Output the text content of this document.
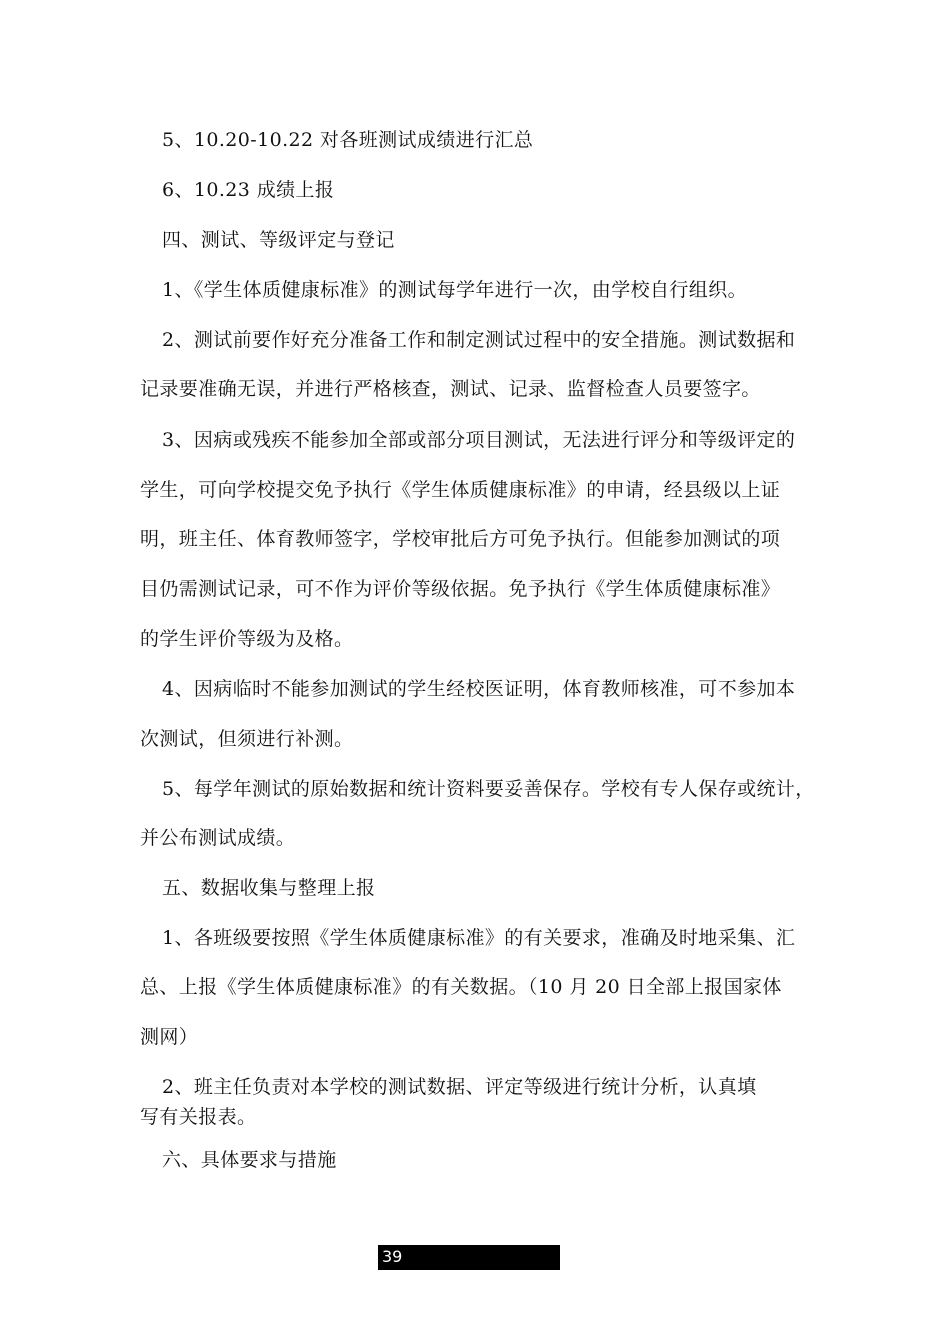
5、10.20-10.22 对各班测试成绩进行汇总
6、10.23 成绩上报
四、测试、等级评定与登记
1、《学生体质健康标准》的测试每学年进行一次，由学校自行组织。
2、测试前要作好充分准备工作和制定测试过程中的安全措施。测试数据和
记录要准确无误，并进行严格核查，测试、记录、监督检查人员要签字。
3、因病或残疾不能参加全部或部分项目测试，无法进行评分和等级评定的
学生，可向学校提交免予执行《学生体质健康标准》的申请，经县级以上证
明，班主任、体育教师签字，学校审批后方可免予执行。但能参加测试的项
目仍需测试记录，可不作为评价等级依据。免予执行《学生体质健康标准》
的学生评价等级为及格。
4、因病临时不能参加测试的学生经校医证明，体育教师核准，可不参加本
次测试，但须进行补测。
5、每学年测试的原始数据和统计资料要妥善保存。学校有专人保存或统计，
并公布测试成绩。
五、数据收集与整理上报
1、各班级要按照《学生体质健康标准》的有关要求，准确及时地采集、汇
总、上报《学生体质健康标准》的有关数据。（10 月 20 日全部上报国家体
测网）
2、班主任负责对本学校的测试数据、评定等级进行统计分析，认真填
写有关报表。
六、具体要求与措施
39
